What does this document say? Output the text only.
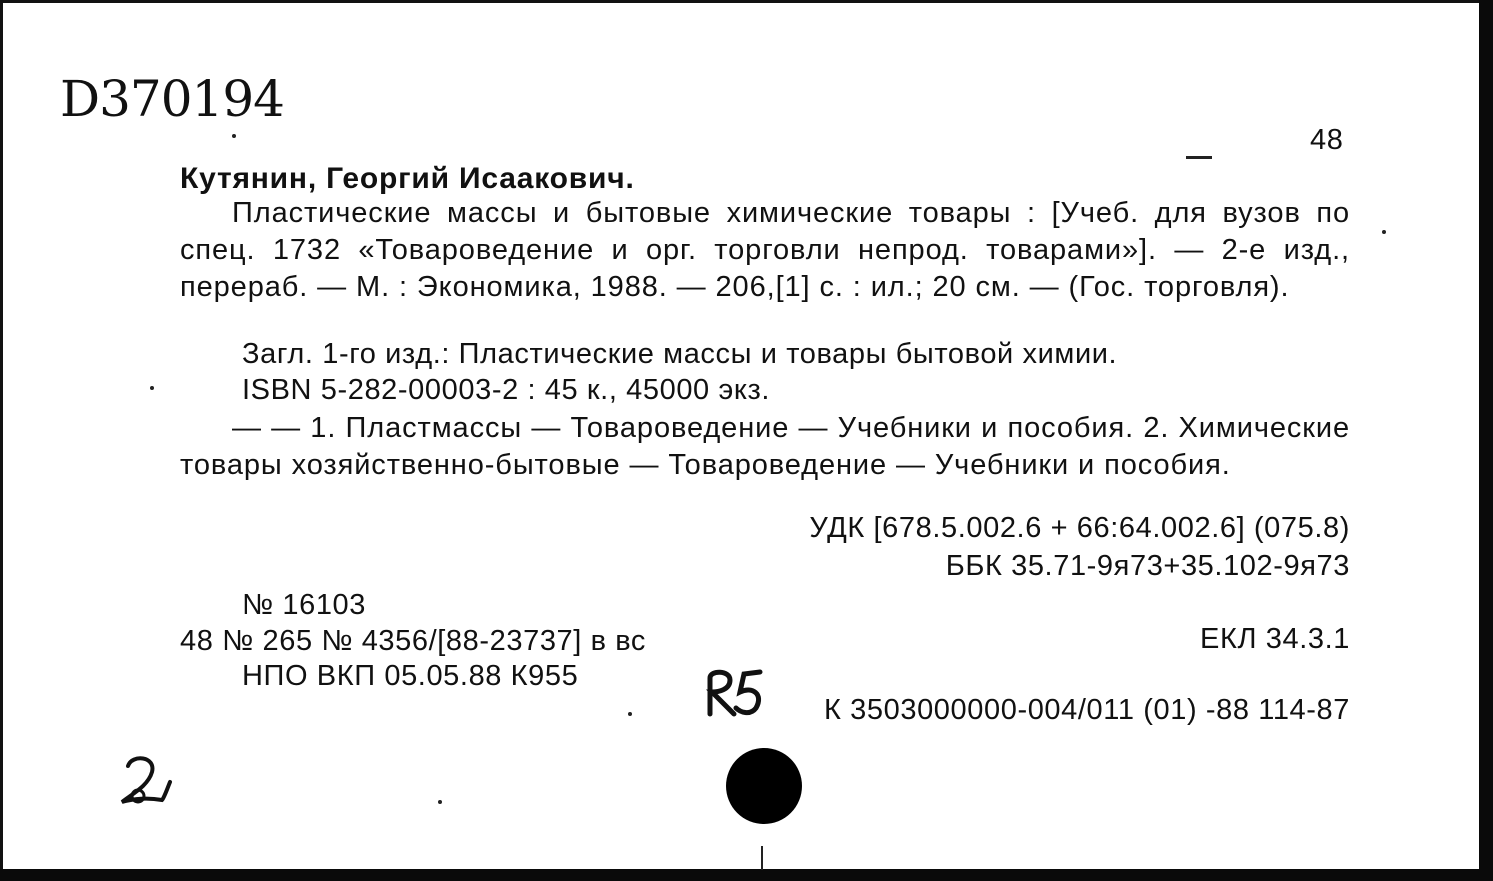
D370194
48
Кутянин, Георгий Исаакович.
Пластические массы и бытовые химические товары : [Учеб. для вузов по спец. 1732 «Товароведение и орг. торговли непрод. товарами»]. — 2-е изд., перераб. — М. : Экономика, 1988. — 206,[1] с. : ил.; 20 см. — (Гос. торговля).
Загл. 1-го изд.: Пластические массы и товары бытовой химии.
ISBN 5-282-00003-2 : 45 к., 45000 экз.
— — 1. Пластмассы — Товароведение — Учебники и пособия. 2. Химические товары хозяйственно-бытовые — Товароведение — Учебники и пособия.
УДК [678.5.002.6 + 66:64.002.6] (075.8)
ББК 35.71-9я73+35.102-9я73
№ 16103
48 № 265 № 4356/[88-23737] в вс	ЕКЛ 34.3.1
НПО ВКП 05.05.88 К955
К 3503000000-004/011 (01) -88 114-87
